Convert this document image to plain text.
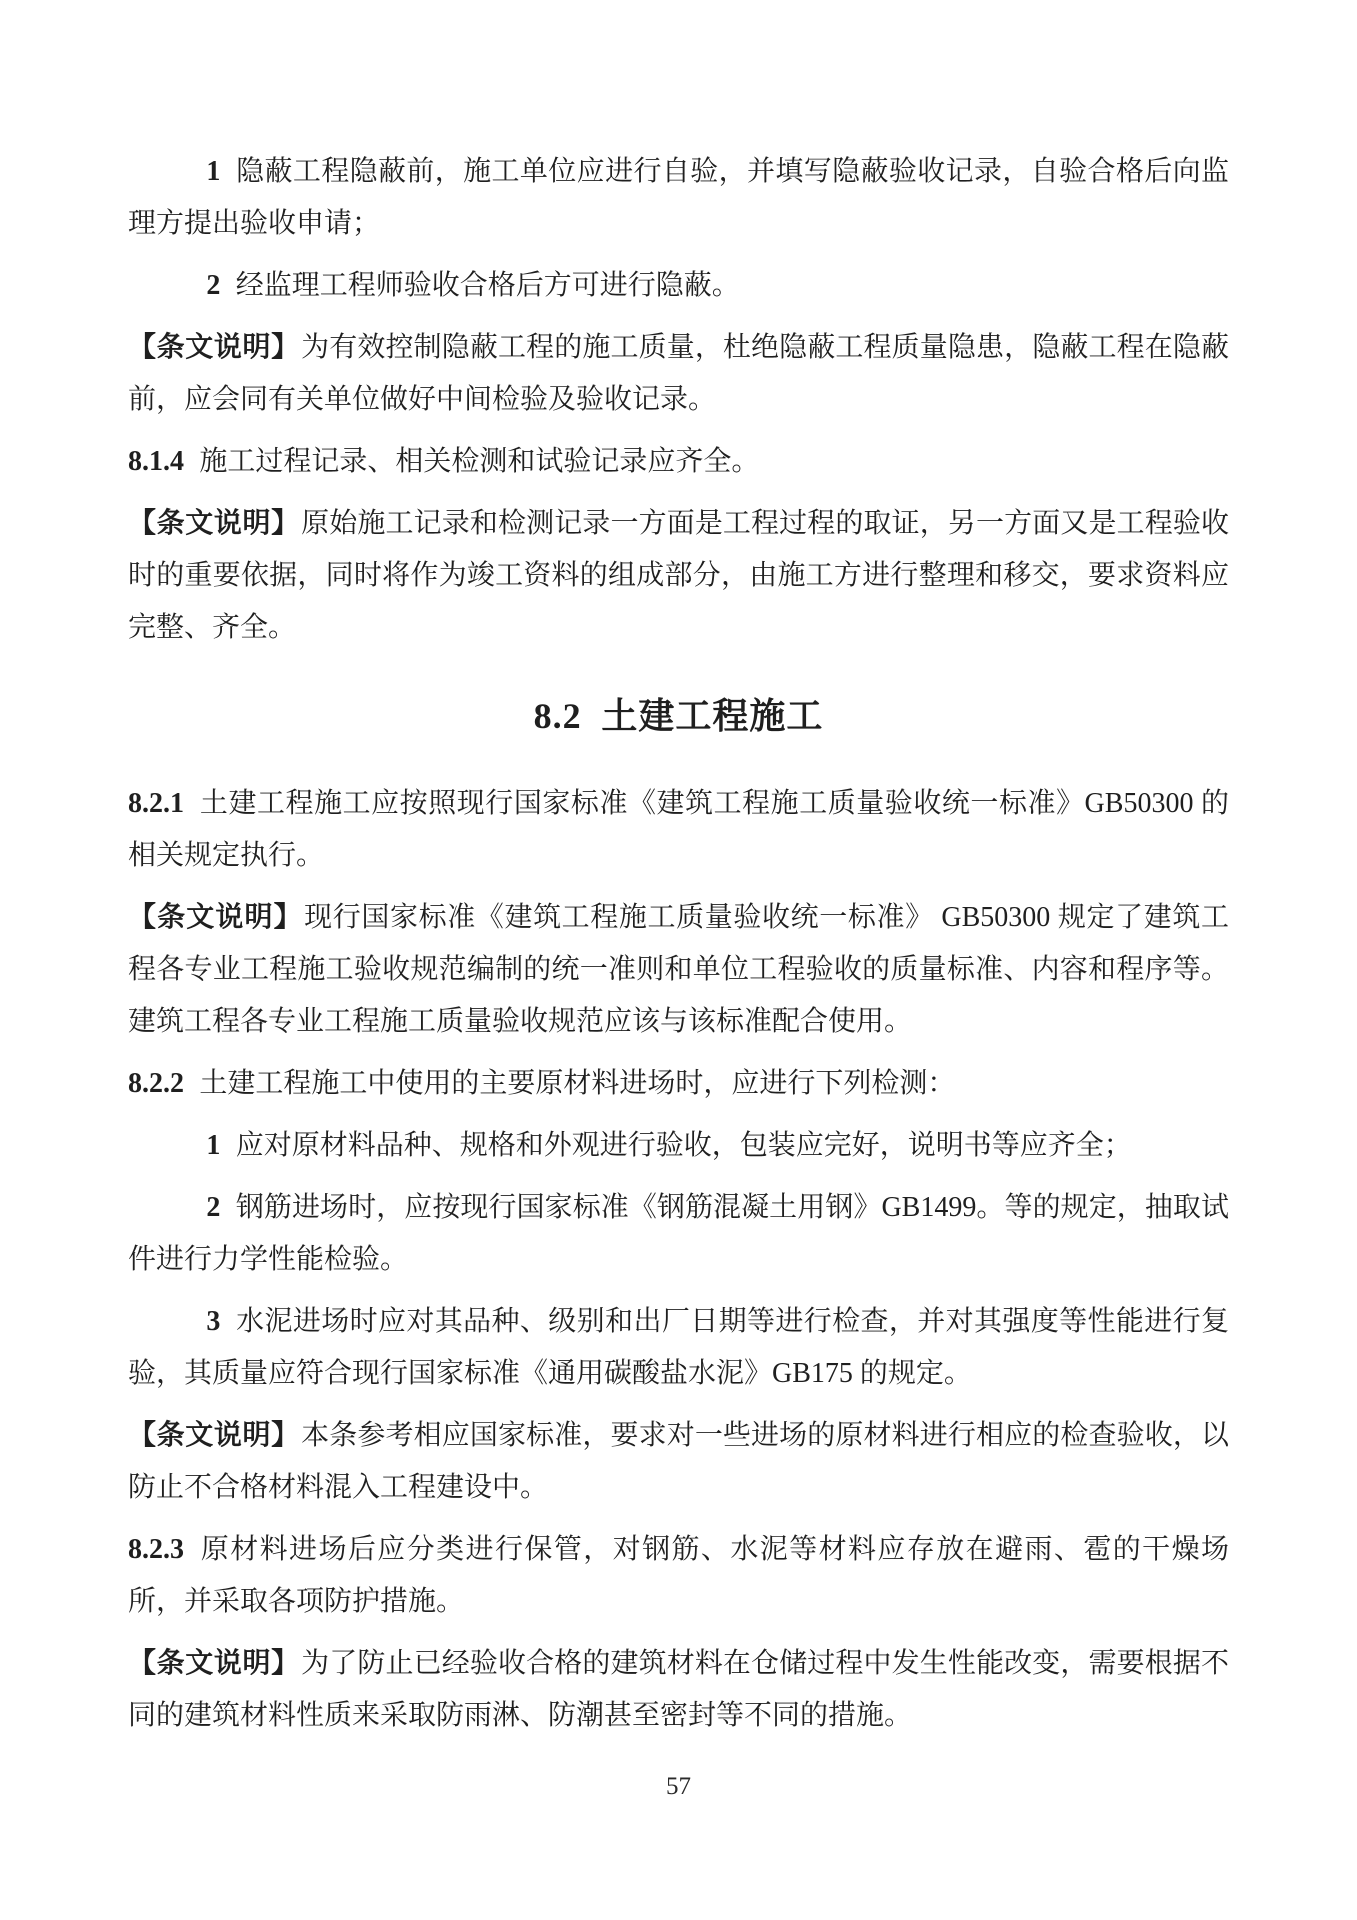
1 隐蔽工程隐蔽前，施工单位应进行自验，并填写隐蔽验收记录，自验合格后向监理方提出验收申请；

2 经监理工程师验收合格后方可进行隐蔽。

【条文说明】为有效控制隐蔽工程的施工质量，杜绝隐蔽工程质量隐患，隐蔽工程在隐蔽前，应会同有关单位做好中间检验及验收记录。

8.1.4 施工过程记录、相关检测和试验记录应齐全。

【条文说明】原始施工记录和检测记录一方面是工程过程的取证，另一方面又是工程验收时的重要依据，同时将作为竣工资料的组成部分，由施工方进行整理和移交，要求资料应完整、齐全。

8.2 土建工程施工

8.2.1 土建工程施工应按照现行国家标准《建筑工程施工质量验收统一标准》GB50300 的相关规定执行。

【条文说明】现行国家标准《建筑工程施工质量验收统一标准》 GB50300 规定了建筑工程各专业工程施工验收规范编制的统一准则和单位工程验收的质量标准、内容和程序等。建筑工程各专业工程施工质量验收规范应该与该标准配合使用。

8.2.2 土建工程施工中使用的主要原材料进场时，应进行下列检测：

1 应对原材料品种、规格和外观进行验收，包装应完好，说明书等应齐全；

2 钢筋进场时，应按现行国家标准《钢筋混凝土用钢》GB1499。等的规定，抽取试件进行力学性能检验。

3 水泥进场时应对其品种、级别和出厂日期等进行检查，并对其强度等性能进行复验，其质量应符合现行国家标准《通用碳酸盐水泥》GB175 的规定。

【条文说明】本条参考相应国家标准，要求对一些进场的原材料进行相应的检查验收，以防止不合格材料混入工程建设中。

8.2.3 原材料进场后应分类进行保管，对钢筋、水泥等材料应存放在避雨、雹的干燥场所，并采取各项防护措施。

【条文说明】为了防止已经验收合格的建筑材料在仓储过程中发生性能改变，需要根据不同的建筑材料性质来采取防雨淋、防潮甚至密封等不同的措施。

57
